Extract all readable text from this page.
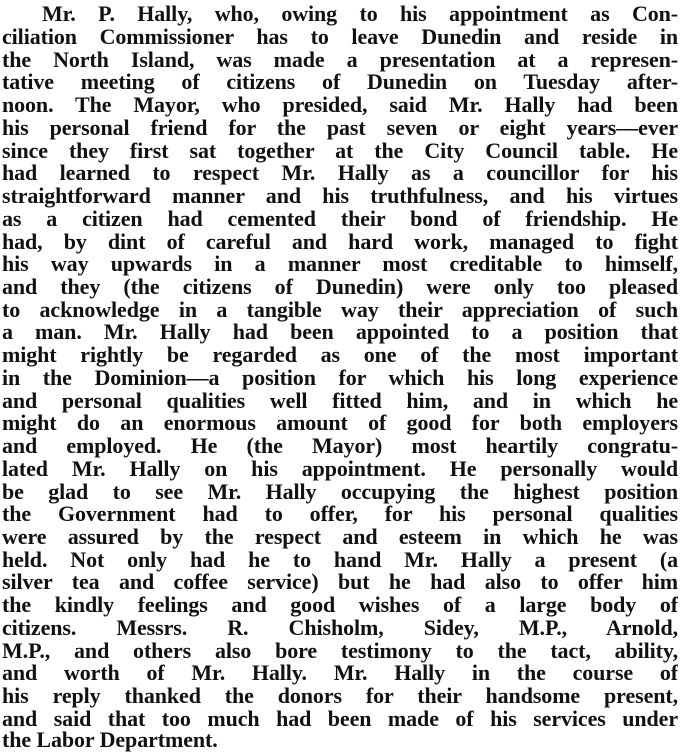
Mr. P. Hally, who, owing to his appointment as Con-
ciliation Commissioner has to leave Dunedin and reside in
the North Island, was made a presentation at a represen-
tative meeting of citizens of Dunedin on Tuesday after-
noon. The Mayor, who presided, said Mr. Hally had been
his personal friend for the past seven or eight years—ever
since they first sat together at the City Council table. He
had learned to respect Mr. Hally as a councillor for his
straightforward manner and his truthfulness, and his virtues
as a citizen had cemented their bond of friendship. He
had, by dint of careful and hard work, managed to fight
his way upwards in a manner most creditable to himself,
and they (the citizens of Dunedin) were only too pleased
to acknowledge in a tangible way their appreciation of such
a man. Mr. Hally had been appointed to a position that
might rightly be regarded as one of the most important
in the Dominion—a position for which his long experience
and personal qualities well fitted him, and in which he
might do an enormous amount of good for both employers
and employed. He (the Mayor) most heartily congratu-
lated Mr. Hally on his appointment. He personally would
be glad to see Mr. Hally occupying the highest position
the Government had to offer, for his personal qualities
were assured by the respect and esteem in which he was
held. Not only had he to hand Mr. Hally a present (a
silver tea and coffee service) but he had also to offer him
the kindly feelings and good wishes of a large body of
citizens. Messrs. R. Chisholm, Sidey, M.P., Arnold,
M.P., and others also bore testimony to the tact, ability,
and worth of Mr. Hally. Mr. Hally in the course of
his reply thanked the donors for their handsome present,
and said that too much had been made of his services under
the Labor Department.
